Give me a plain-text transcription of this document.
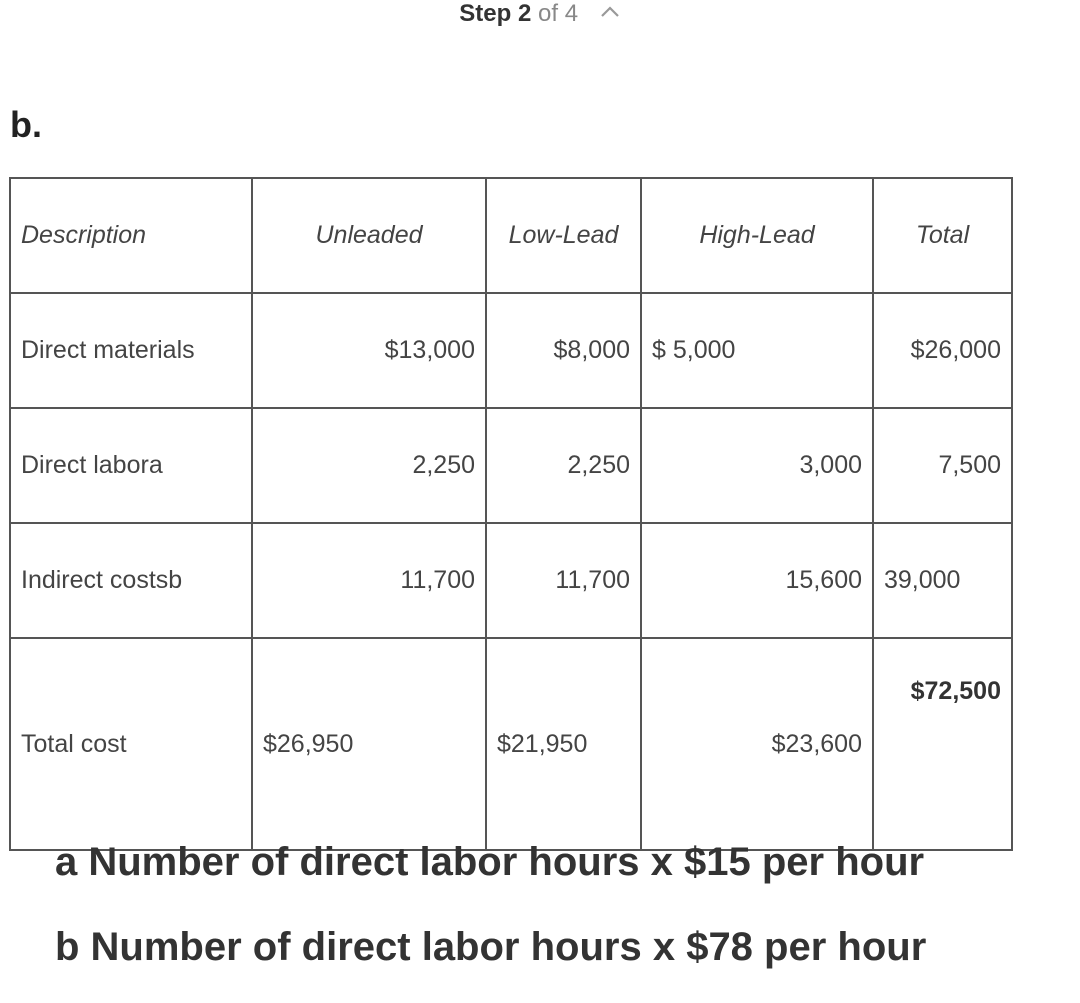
Step 2 of 4
b.
Description	Unleaded	Low-Lead	High-Lead	Total
Direct materials	$13,000	$8,000	$ 5,000	$26,000
Direct labora	2,250	2,250	3,000	7,500
Indirect costsb	11,700	11,700	15,600	39,000
Total cost	$26,950	$21,950	$23,600	$72,500
a Number of direct labor hours x $15 per hour
b Number of direct labor hours x $78 per hour
